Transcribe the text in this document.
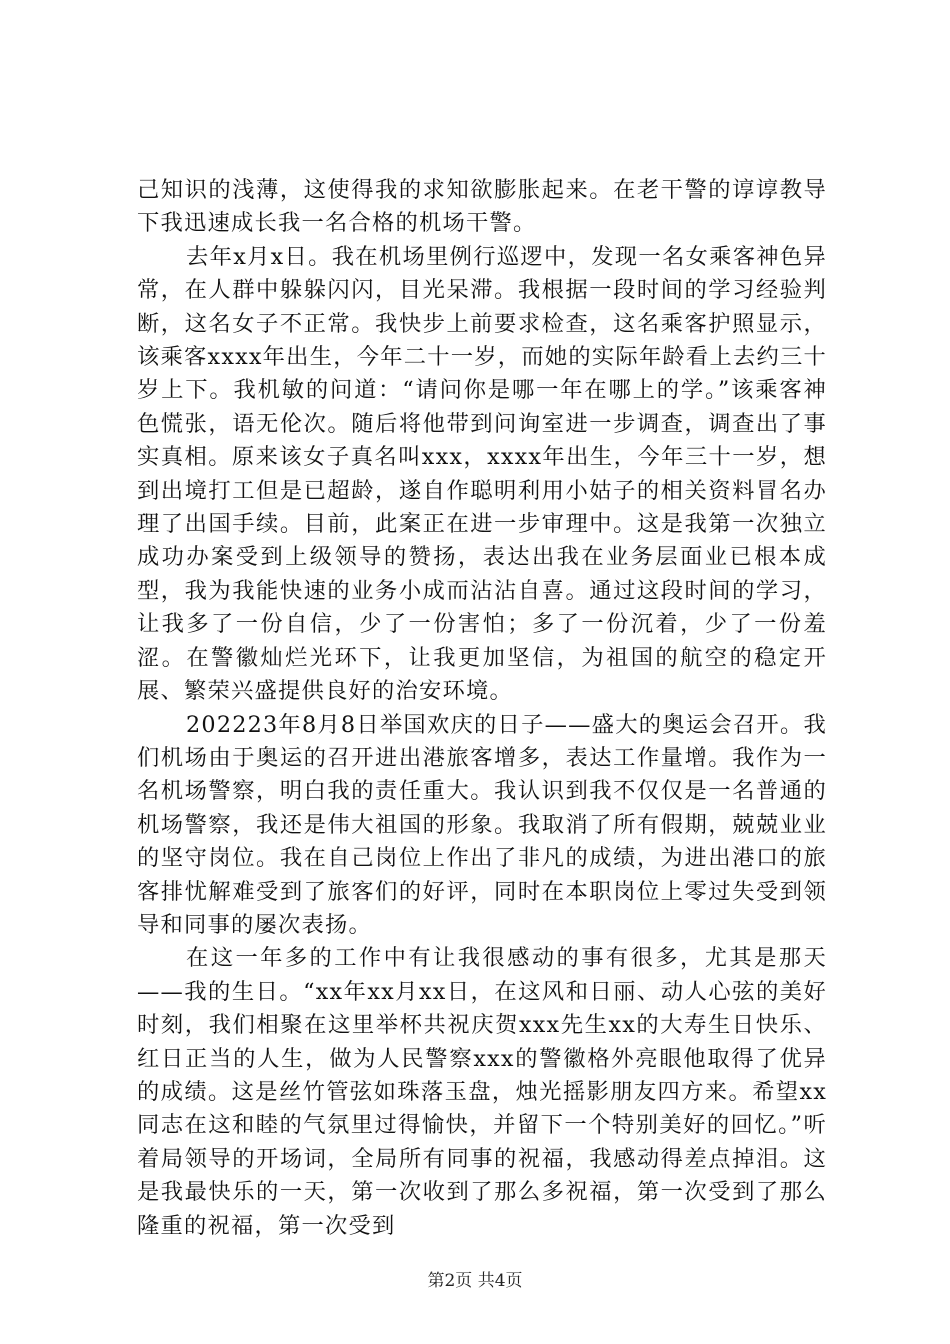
己知识的浅薄，这使得我的求知欲膨胀起来。在老干警的谆谆教导下我迅速成长我一名合格的机场干警。

去年x月x日。我在机场里例行巡逻中，发现一名女乘客神色异常，在人群中躲躲闪闪，目光呆滞。我根据一段时间的学习经验判断，这名女子不正常。我快步上前要求检查，这名乘客护照显示，该乘客xxxx年出生，今年二十一岁，而她的实际年龄看上去约三十岁上下。我机敏的问道：“请问你是哪一年在哪上的学。”该乘客神色慌张，语无伦次。随后将他带到问询室进一步调查，调查出了事实真相。原来该女子真名叫xxx，xxxx年出生，今年三十一岁，想到出境打工但是已超龄，遂自作聪明利用小姑子的相关资料冒名办理了出国手续。目前，此案正在进一步审理中。这是我第一次独立成功办案受到上级领导的赞扬，表达出我在业务层面业已根本成型，我为我能快速的业务小成而沾沾自喜。通过这段时间的学习，让我多了一份自信，少了一份害怕；多了一份沉着，少了一份羞涩。在警徽灿烂光环下，让我更加坚信，为祖国的航空的稳定开展、繁荣兴盛提供良好的治安环境。

202223年8月8日举国欢庆的日子——盛大的奥运会召开。我们机场由于奥运的召开进出港旅客增多，表达工作量增。我作为一名机场警察，明白我的责任重大。我认识到我不仅仅是一名普通的机场警察，我还是伟大祖国的形象。我取消了所有假期，兢兢业业的坚守岗位。我在自己岗位上作出了非凡的成绩，为进出港口的旅客排忧解难受到了旅客们的好评，同时在本职岗位上零过失受到领导和同事的屡次表扬。

在这一年多的工作中有让我很感动的事有很多，尤其是那天——我的生日。“xx年xx月xx日，在这风和日丽、动人心弦的美好时刻，我们相聚在这里举杯共祝庆贺xxx先生xx的大寿生日快乐、红日正当的人生，做为人民警察xxx的警徽格外亮眼他取得了优异的成绩。这是丝竹管弦如珠落玉盘，烛光摇影朋友四方来。希望xx同志在这和睦的气氛里过得愉快，并留下一个特别美好的回忆。”听着局领导的开场词，全局所有同事的祝福，我感动得差点掉泪。这是我最快乐的一天，第一次收到了那么多祝福，第一次受到了那么隆重的祝福，第一次受到

第2页 共4页
